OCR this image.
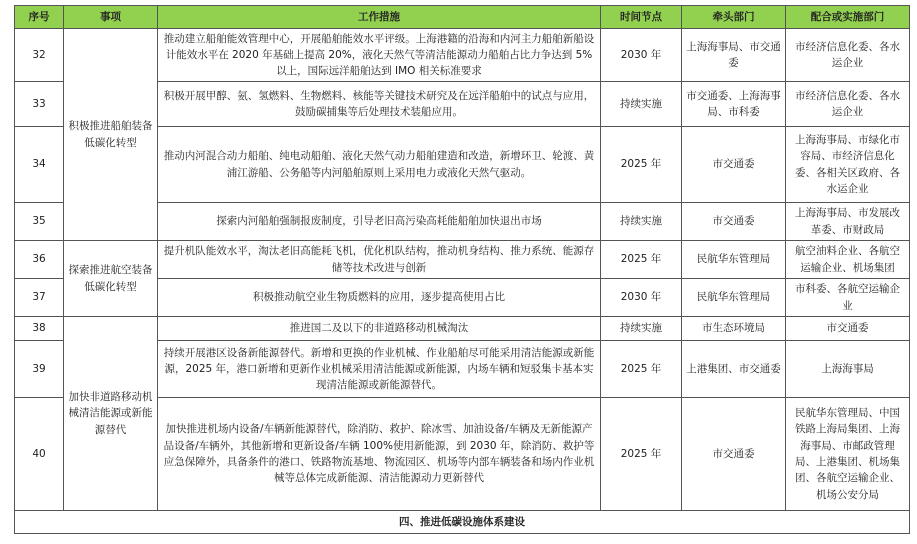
序号	事项	工作措施	时间节点	牵头部门	配合或实施部门
32	积极推进船舶装备低碳化转型	推动建立船舶能效管理中心，开展船舶能效水平评级。上海港籍的沿海和内河主力船舶新船设计能效水平在 2020 年基础上提高 20%，液化天然气等清洁能源动力船舶占比力争达到 5% 以上，国际远洋船舶达到 IMO 相关标准要求	2030 年	上海海事局、市交通委	市经济信息化委、各水运企业
33		积极开展甲醇、氨、氢燃料、生物燃料、核能等关键技术研究及在远洋船舶中的试点与应用，鼓励碳捕集等后处理技术装船应用。	持续实施	市交通委、上海海事局、市科委	市经济信息化委、各水运企业
34		推动内河混合动力船舶、纯电动船舶、液化天然气动力船舶建造和改造，新增环卫、轮渡、黄浦江游船、公务船等内河船舶原则上采用电力或液化天然气驱动。	2025 年	市交通委	上海海事局、市绿化市容局、市经济信息化委、各相关区政府、各水运企业
35		探索内河船舶强制报废制度，引导老旧高污染高耗能船舶加快退出市场	持续实施	市交通委	上海海事局、市发展改革委、市财政局
36	探索推进航空装备低碳化转型	提升机队能效水平，淘汰老旧高能耗飞机，优化机队结构，推动机身结构、推力系统、能源存储等技术改进与创新	2025 年	民航华东管理局	航空油料企业、各航空运输企业、机场集团
37		积极推动航空业生物质燃料的应用，逐步提高使用占比	2030 年	民航华东管理局	市科委、各航空运输企业
38	加快非道路移动机械清洁能源或新能源替代	推进国二及以下的非道路移动机械淘汰	持续实施	市生态环境局	市交通委
39		持续开展港区设备新能源替代。新增和更换的作业机械、作业船舶尽可能采用清洁能源或新能源，2025 年，港口新增和更新作业机械采用清洁能源或新能源，内场车辆和短驳集卡基本实现清洁能源或新能源替代。	2025 年	上港集团、市交通委	上海海事局
40		加快推进机场内设备/车辆新能源替代，除消防、救护、除冰雪、加油设备/车辆及无新能源产品设备/车辆外，其他新增和更新设备/车辆 100%使用新能源，到 2030 年，除消防、救护等应急保障外，具备条件的港口、铁路物流基地、物流园区、机场等内部车辆装备和场内作业机械等总体完成新能源、清洁能源动力更新替代	2025 年	市交通委	民航华东管理局、中国铁路上海局集团、上海海事局、市邮政管理局、上港集团、机场集团、各航空运输企业、机场公安分局
四、推进低碳设施体系建设					
